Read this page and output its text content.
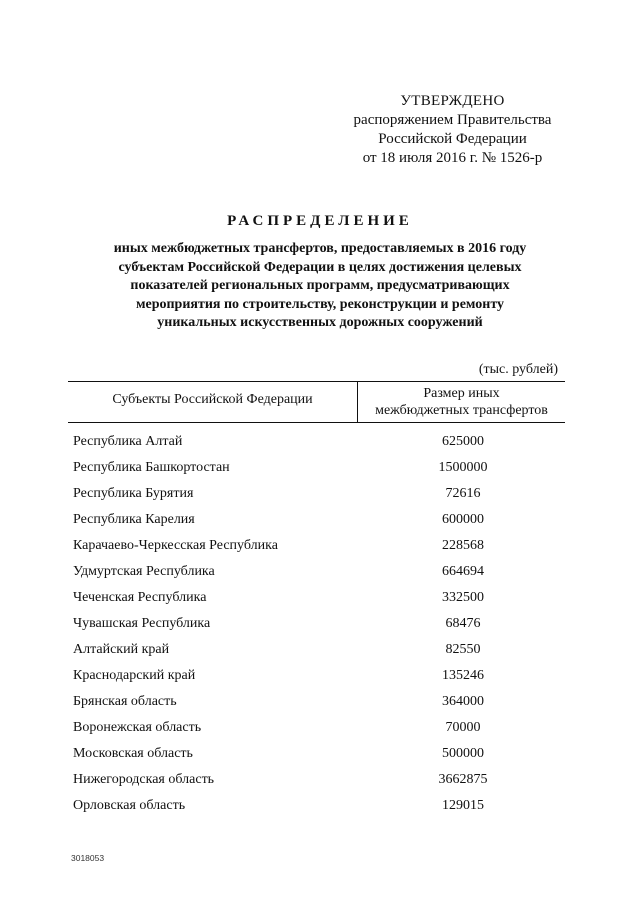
УТВЕРЖДЕНО
распоряжением Правительства
Российской Федерации
от 18 июля 2016 г. № 1526-р
РАСПРЕДЕЛЕНИЕ
иных межбюджетных трансфертов, предоставляемых в 2016 году
субъектам Российской Федерации в целях достижения целевых
показателей региональных программ, предусматривающих
мероприятия по строительству, реконструкции и ремонту
уникальных искусственных дорожных сооружений
(тыс. рублей)
Субъекты Российской Федерации	Размер иных
межбюджетных трансфертов
Республика Алтай	625000
Республика Башкортостан	1500000
Республика Бурятия	72616
Республика Карелия	600000
Карачаево-Черкесская Республика	228568
Удмуртская Республика	664694
Чеченская Республика	332500
Чувашская Республика	68476
Алтайский край	82550
Краснодарский край	135246
Брянская область	364000
Воронежская область	70000
Московская область	500000
Нижегородская область	3662875
Орловская область	129015
3018053
